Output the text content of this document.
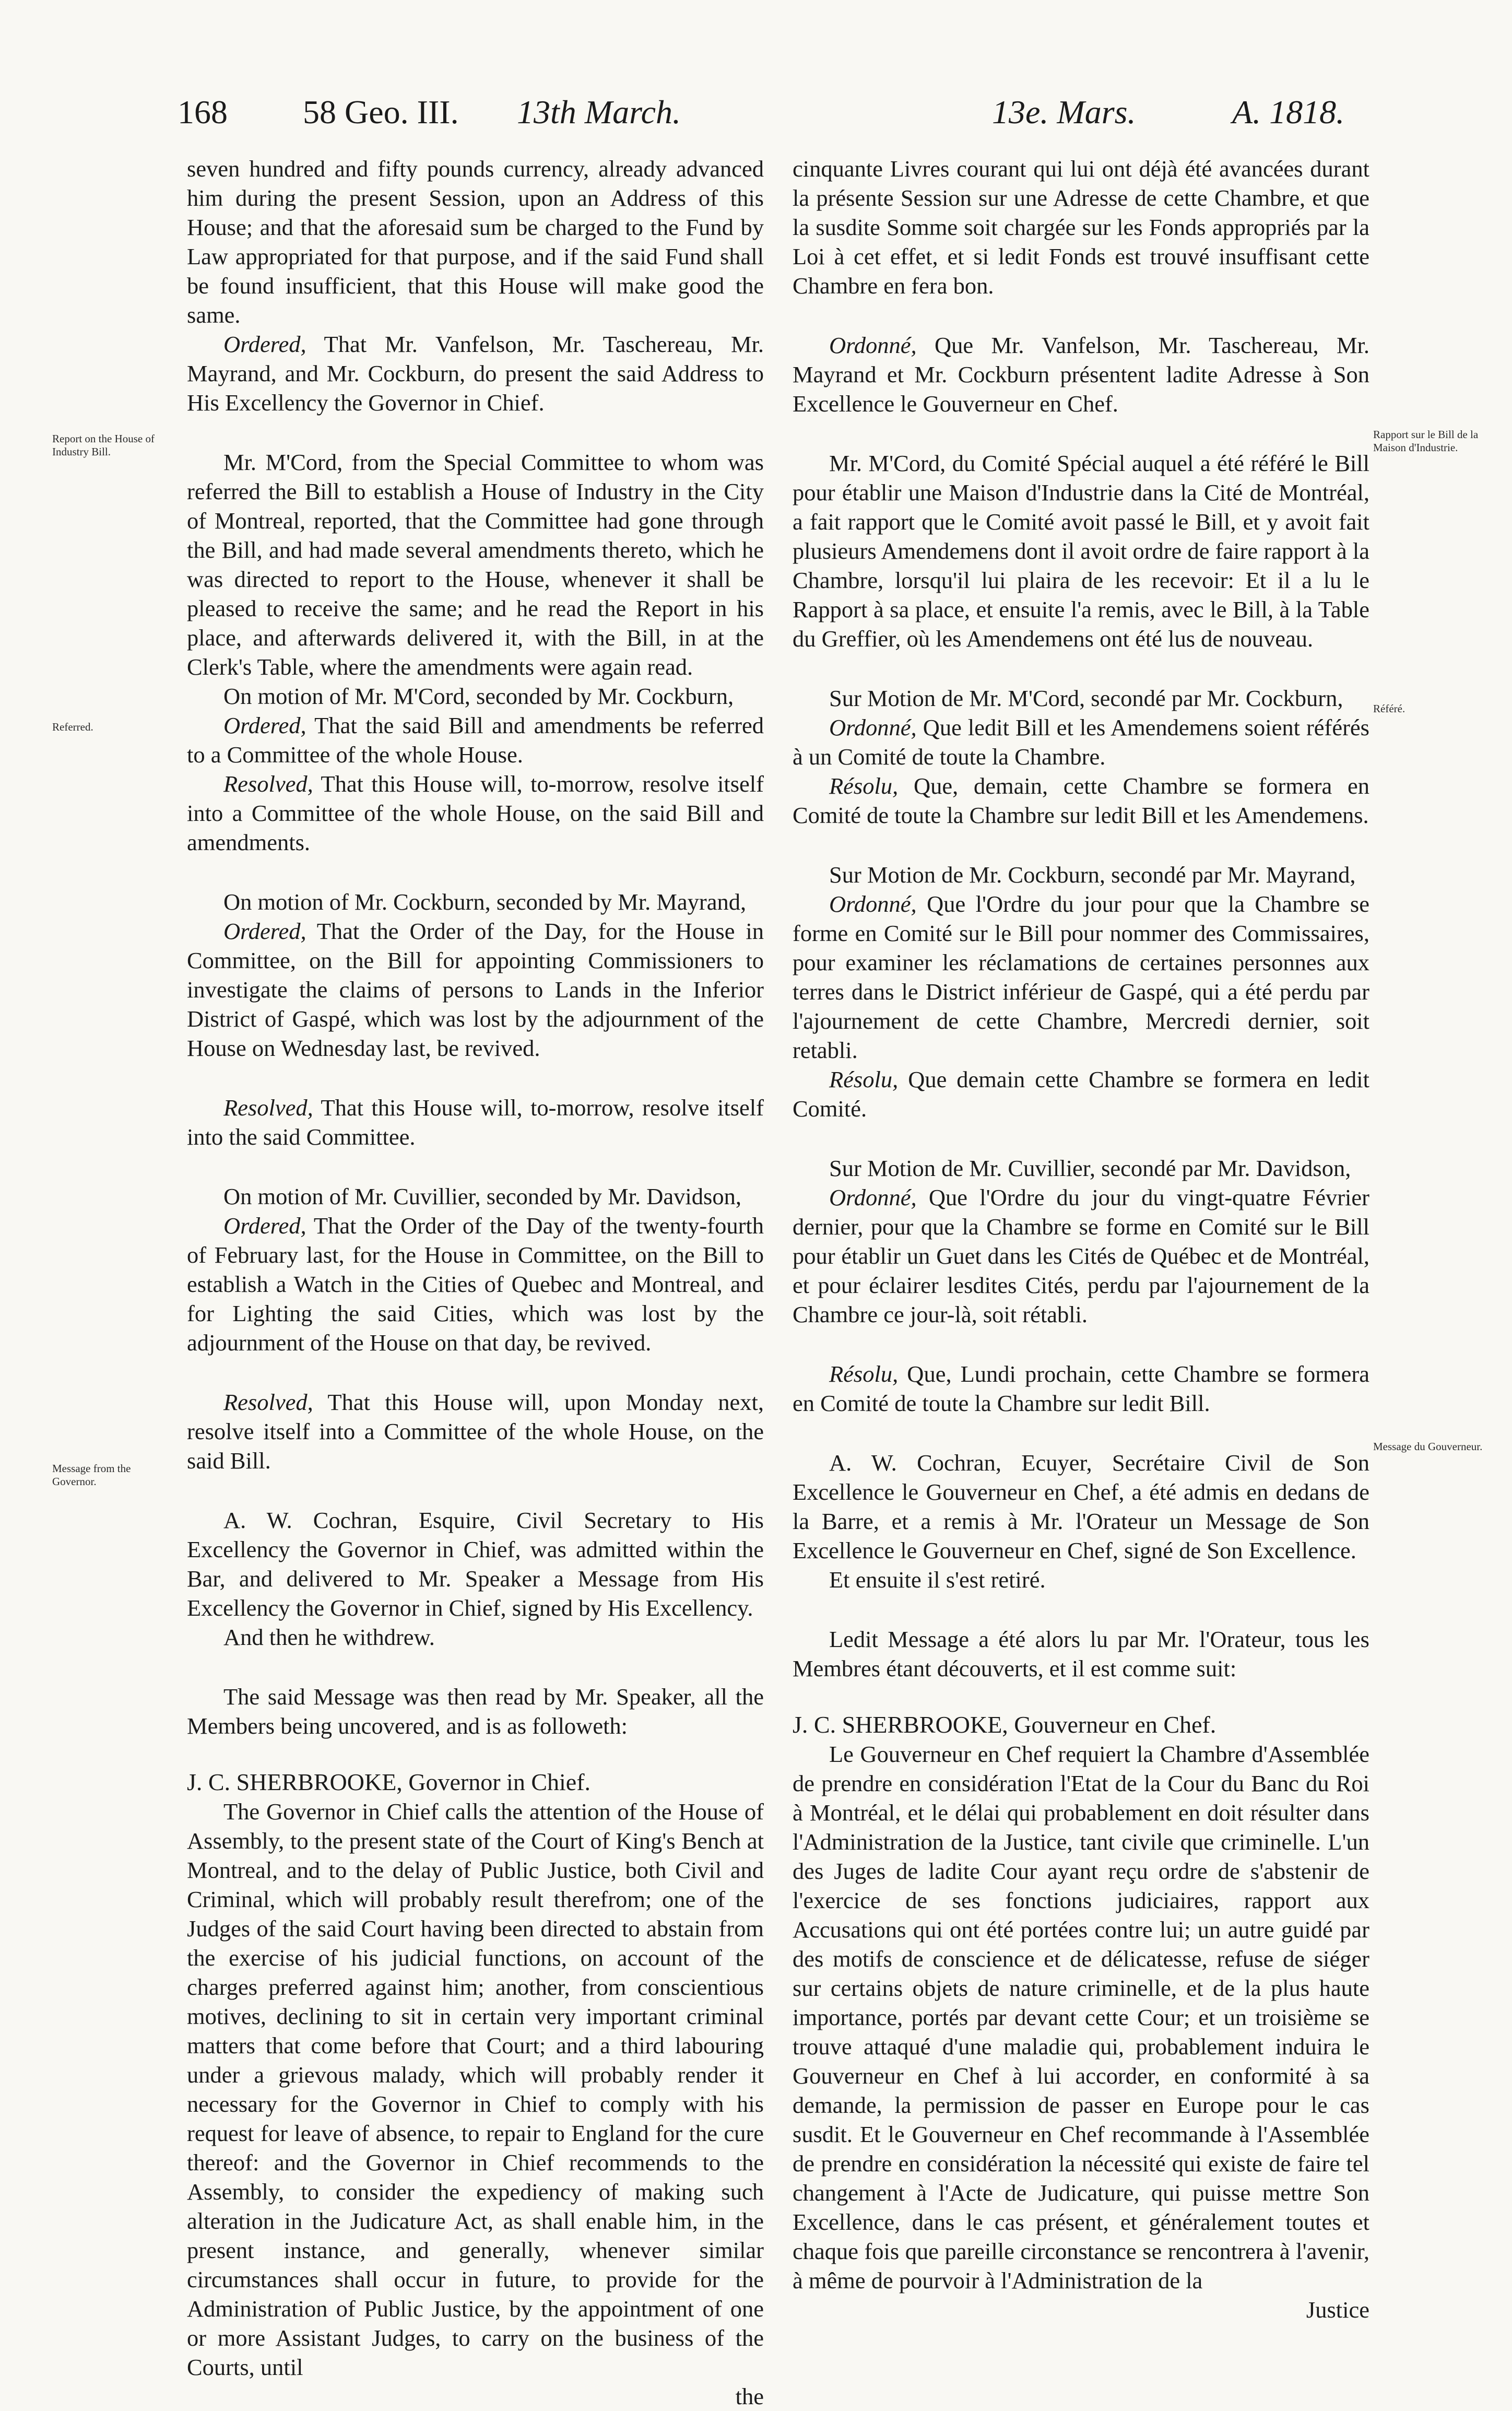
168 58 Geo. III. 13th March.	13e. Mars.	A. 1818.
Report on the House of Industry Bill.
Referred.
Message from the Governor.
Rapport sur le Bill de la Maison d'Industrie.
Référé.
Message du Gouverneur.

seven hundred and fifty pounds currency, already advanced him during the present Session, upon an Address of this House; and that the aforesaid sum be charged to the Fund by Law appropriated for that purpose, and if the said Fund shall be found insufficient, that this House will make good the same.

Ordered, That Mr. Vanfelson, Mr. Taschereau, Mr. Mayrand, and Mr. Cockburn, do present the said Address to His Excellency the Governor in Chief.

Mr. M'Cord, from the Special Committee to whom was referred the Bill to establish a House of Industry in the City of Montreal, reported, that the Committee had gone through the Bill, and had made several amendments thereto, which he was directed to report to the House, whenever it shall be pleased to receive the same; and he read the Report in his place, and afterwards delivered it, with the Bill, in at the Clerk's Table, where the amendments were again read.

On motion of Mr. M'Cord, seconded by Mr. Cockburn,

Ordered, That the said Bill and amendments be referred to a Committee of the whole House.

Resolved, That this House will, to-morrow, resolve itself into a Committee of the whole House, on the said Bill and amendments.

On motion of Mr. Cockburn, seconded by Mr. Mayrand,

Ordered, That the Order of the Day, for the House in Committee, on the Bill for appointing Commissioners to investigate the claims of persons to Lands in the Inferior District of Gaspé, which was lost by the adjournment of the House on Wednesday last, be revived.

Resolved, That this House will, to-morrow, resolve itself into the said Committee.

On motion of Mr. Cuvillier, seconded by Mr. Davidson,

Ordered, That the Order of the Day of the twenty-fourth of February last, for the House in Committee, on the Bill to establish a Watch in the Cities of Quebec and Montreal, and for Lighting the said Cities, which was lost by the adjournment of the House on that day, be revived.

Resolved, That this House will, upon Monday next, resolve itself into a Committee of the whole House, on the said Bill.

A. W. Cochran, Esquire, Civil Secretary to His Excellency the Governor in Chief, was admitted within the Bar, and delivered to Mr. Speaker a Message from His Excellency the Governor in Chief, signed by His Excellency.

And then he withdrew.

The said Message was then read by Mr. Speaker, all the Members being uncovered, and is as followeth:

J. C. SHERBROOKE, Governor in Chief.

The Governor in Chief calls the attention of the House of Assembly, to the present state of the Court of King's Bench at Montreal, and to the delay of Public Justice, both Civil and Criminal, which will probably result therefrom; one of the Judges of the said Court having been directed to abstain from the exercise of his judicial functions, on account of the charges preferred against him; another, from conscientious motives, declining to sit in certain very important criminal matters that come before that Court; and a third labouring under a grievous malady, which will probably render it necessary for the Governor in Chief to comply with his request for leave of absence, to repair to England for the cure thereof: and the Governor in Chief recommends to the Assembly, to consider the expediency of making such alteration in the Judicature Act, as shall enable him, in the present instance, and generally, whenever similar circumstances shall occur in future, to provide for the Administration of Public Justice, by the appointment of one or more Assistant Judges, to carry on the business of the Courts, until

the

cinquante Livres courant qui lui ont déjà été avancées durant la présente Session sur une Adresse de cette Chambre, et que la susdite Somme soit chargée sur les Fonds appropriés par la Loi à cet effet, et si ledit Fonds est trouvé insuffisant cette Chambre en fera bon.

Ordonné, Que Mr. Vanfelson, Mr. Taschereau, Mr. Mayrand et Mr. Cockburn présentent ladite Adresse à Son Excellence le Gouverneur en Chef.

Mr. M'Cord, du Comité Spécial auquel a été référé le Bill pour établir une Maison d'Industrie dans la Cité de Montréal, a fait rapport que le Comité avoit passé le Bill, et y avoit fait plusieurs Amendemens dont il avoit ordre de faire rapport à la Chambre, lorsqu'il lui plaira de les recevoir: Et il a lu le Rapport à sa place, et ensuite l'a remis, avec le Bill, à la Table du Greffier, où les Amendemens ont été lus de nouveau.

Sur Motion de Mr. M'Cord, secondé par Mr. Cockburn,

Ordonné, Que ledit Bill et les Amendemens soient référés à un Comité de toute la Chambre.

Résolu, Que, demain, cette Chambre se formera en Comité de toute la Chambre sur ledit Bill et les Amendemens.

Sur Motion de Mr. Cockburn, secondé par Mr. Mayrand,

Ordonné, Que l'Ordre du jour pour que la Chambre se forme en Comité sur le Bill pour nommer des Commissaires, pour examiner les réclamations de certaines personnes aux terres dans le District inférieur de Gaspé, qui a été perdu par l'ajournement de cette Chambre, Mercredi dernier, soit retabli.

Résolu, Que demain cette Chambre se formera en ledit Comité.

Sur Motion de Mr. Cuvillier, secondé par Mr. Davidson,

Ordonné, Que l'Ordre du jour du vingt-quatre Février dernier, pour que la Chambre se forme en Comité sur le Bill pour établir un Guet dans les Cités de Québec et de Montréal, et pour éclairer lesdites Cités, perdu par l'ajournement de la Chambre ce jour-là, soit rétabli.

Résolu, Que, Lundi prochain, cette Chambre se formera en Comité de toute la Chambre sur ledit Bill.

A. W. Cochran, Ecuyer, Secrétaire Civil de Son Excellence le Gouverneur en Chef, a été admis en dedans de la Barre, et a remis à Mr. l'Orateur un Message de Son Excellence le Gouverneur en Chef, signé de Son Excellence.

Et ensuite il s'est retiré.

Ledit Message a été alors lu par Mr. l'Orateur, tous les Membres étant découverts, et il est comme suit:

J. C. SHERBROOKE, Gouverneur en Chef.

Le Gouverneur en Chef requiert la Chambre d'Assemblée de prendre en considération l'Etat de la Cour du Banc du Roi à Montréal, et le délai qui probablement en doit résulter dans l'Administration de la Justice, tant civile que criminelle. L'un des Juges de ladite Cour ayant reçu ordre de s'abstenir de l'exercice de ses fonctions judiciaires, rapport aux Accusations qui ont été portées contre lui; un autre guidé par des motifs de conscience et de délicatesse, refuse de siéger sur certains objets de nature criminelle, et de la plus haute importance, portés par devant cette Cour; et un troisième se trouve attaqué d'une maladie qui, probablement induira le Gouverneur en Chef à lui accorder, en conformité à sa demande, la permission de passer en Europe pour le cas susdit. Et le Gouverneur en Chef recommande à l'Assemblée de prendre en considération la nécessité qui existe de faire tel changement à l'Acte de Judicature, qui puisse mettre Son Excellence, dans le cas présent, et généralement toutes et chaque fois que pareille circonstance se rencontrera à l'avenir, à même de pourvoir à l'Administration de la

Justice
